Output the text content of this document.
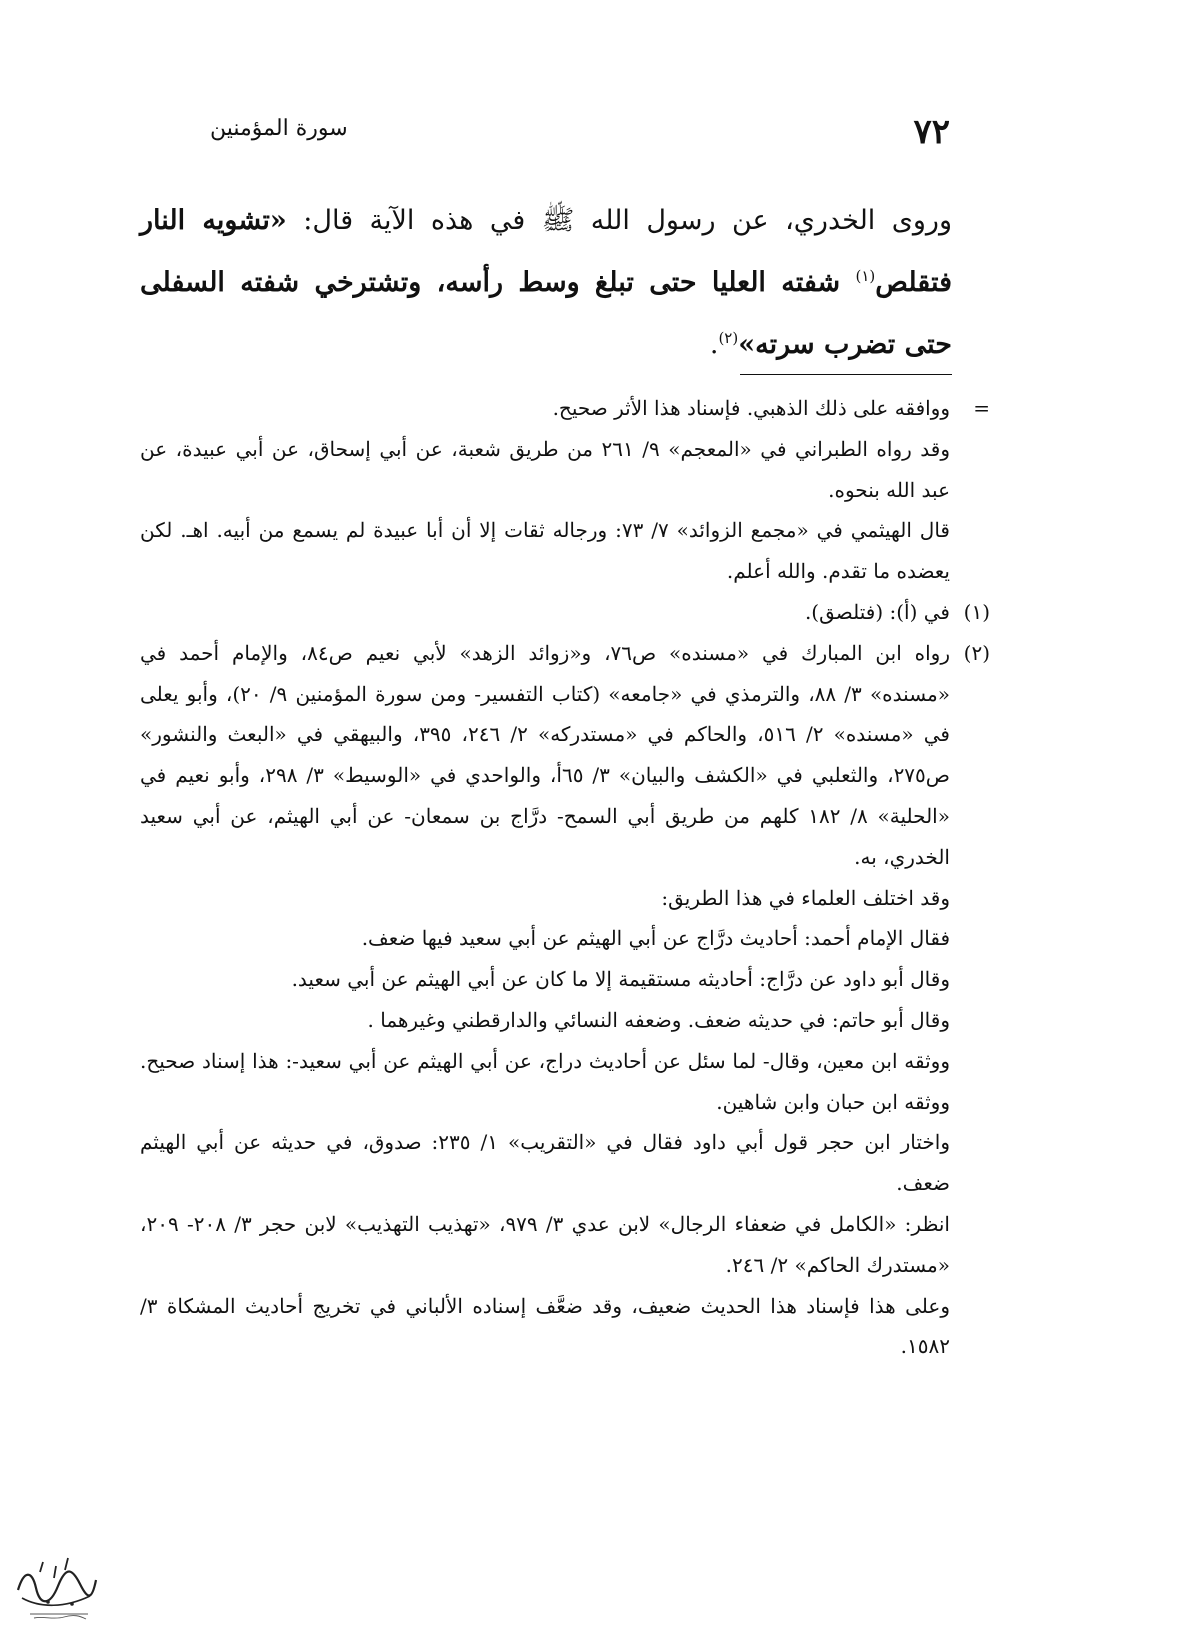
٧٢
سورة المؤمنين
وروى الخدري، عن رسول الله ﷺ في هذه الآية قال: «تشويه النار فتقلص$^{(١)}$ شفته العليا حتى تبلغ وسط رأسه، وتشترخي شفته السفلى حتى تضرب سرته»$^{(٢)}$.
=

ووافقه على ذلك الذهبي. فإسناد هذا الأثر صحيح.

وقد رواه الطبراني في «المعجم» ٩/ ٢٦١ من طريق شعبة، عن أبي إسحاق، عن أبي عبيدة، عن عبد الله بنحوه.

قال الهيثمي في «مجمع الزوائد» ٧/ ٧٣: ورجاله ثقات إلا أن أبا عبيدة لم يسمع من أبيه. اهـ. لكن يعضده ما تقدم. والله أعلم.

(١)

في (أ): (فتلصق).

(٢)

رواه ابن المبارك في «مسنده» ص٧٦، و«زوائد الزهد» لأبي نعيم ص٨٤، والإمام أحمد في «مسنده» ٣/ ٨٨، والترمذي في «جامعه» (كتاب التفسير- ومن سورة المؤمنين ٩/ ٢٠)، وأبو يعلى في «مسنده» ٢/ ٥١٦، والحاكم في «مستدركه» ٢/ ٢٤٦، ٣٩٥، والبيهقي في «البعث والنشور» ص٢٧٥، والثعلبي في «الكشف والبيان» ٣/ ٦٥أ، والواحدي في «الوسيط» ٣/ ٢٩٨، وأبو نعيم في «الحلية» ٨/ ١٨٢ كلهم من طريق أبي السمح- درَّاج بن سمعان- عن أبي الهيثم، عن أبي سعيد الخدري، به.

وقد اختلف العلماء في هذا الطريق:

فقال الإمام أحمد: أحاديث درَّاج عن أبي الهيثم عن أبي سعيد فيها ضعف.

وقال أبو داود عن درَّاج: أحاديثه مستقيمة إلا ما كان عن أبي الهيثم عن أبي سعيد.

وقال أبو حاتم: في حديثه ضعف. وضعفه النسائي والدارقطني وغيرهما .

ووثقه ابن معين، وقال- لما سئل عن أحاديث دراج، عن أبي الهيثم عن أبي سعيد-: هذا إسناد صحيح. ووثقه ابن حبان وابن شاهين.

واختار ابن حجر قول أبي داود فقال في «التقريب» ١/ ٢٣٥: صدوق، في حديثه عن أبي الهيثم ضعف.

انظر: «الكامل في ضعفاء الرجال» لابن عدي ٣/ ٩٧٩، «تهذيب التهذيب» لابن حجر ٣/ ٢٠٨- ٢٠٩، «مستدرك الحاكم» ٢/ ٢٤٦.

وعلى هذا فإسناد هذا الحديث ضعيف، وقد ضعَّف إسناده الألباني في تخريج أحاديث المشكاة ٣/ ١٥٨٢.
